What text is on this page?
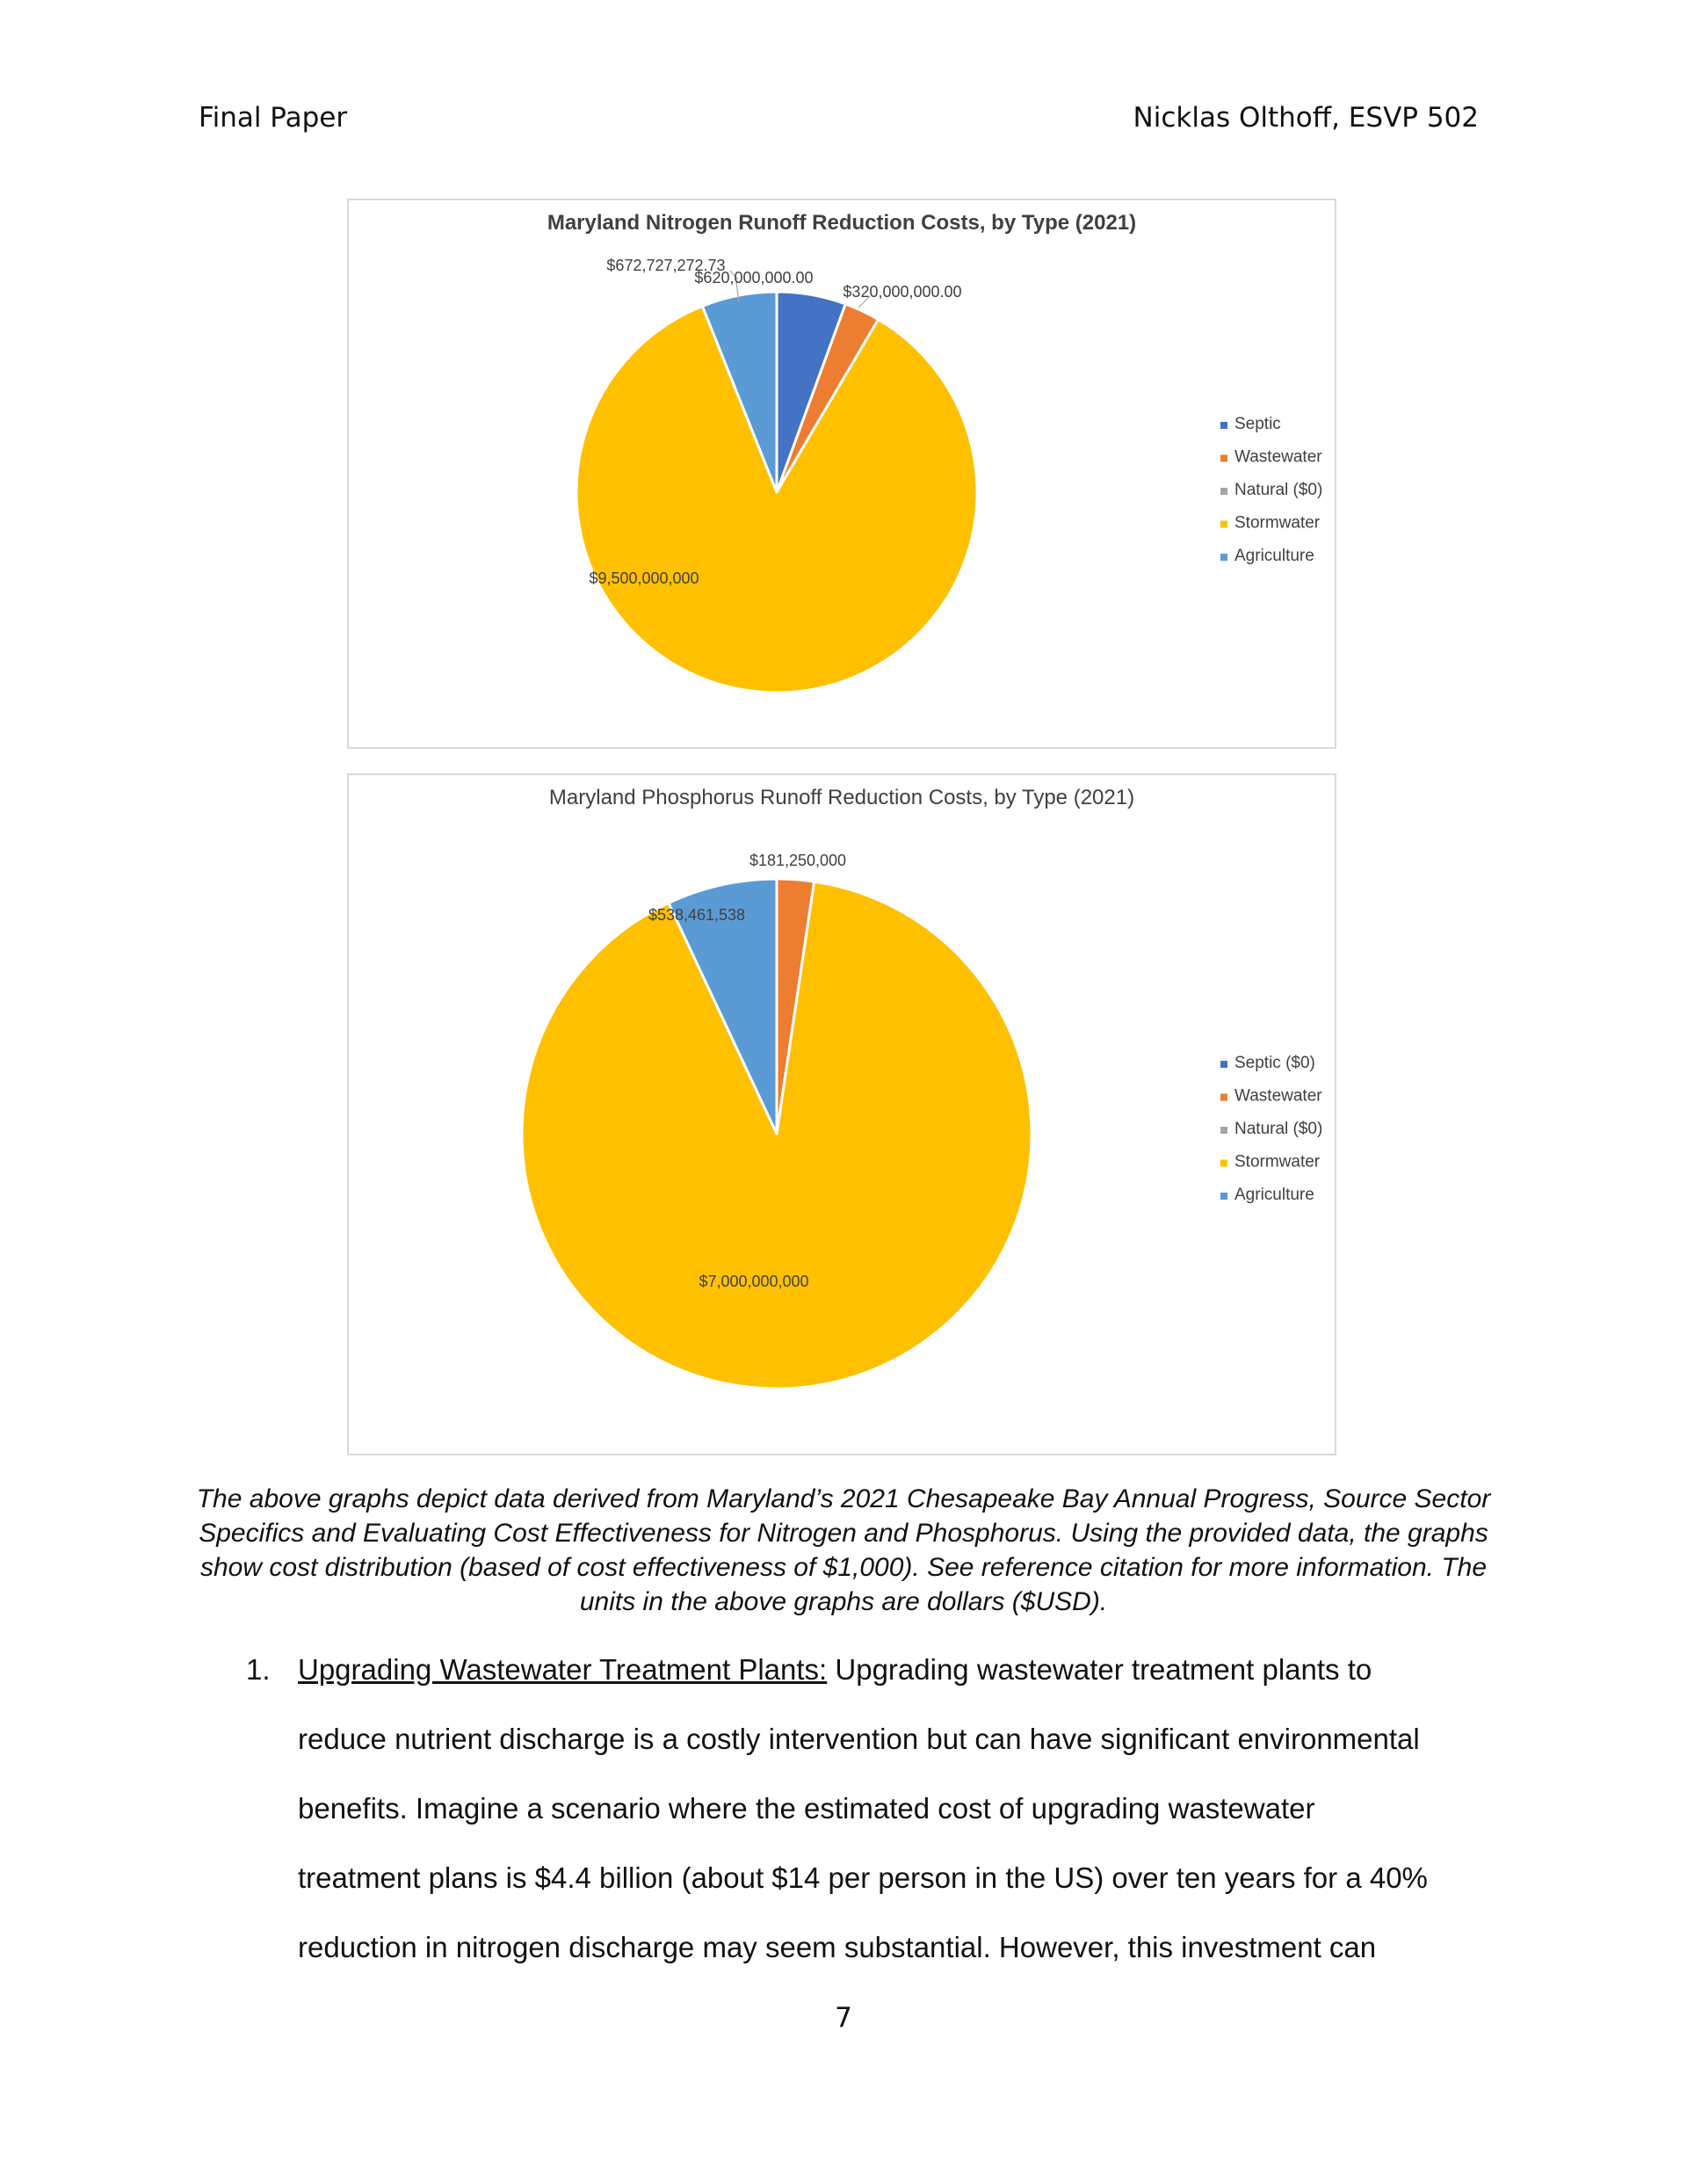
Final Paper	Nicklas Olthoff, ESVP 502
Maryland Nitrogen Runoff Reduction Costs, by Type (2021)
$672,727,272.73
$620,000,000.00
$320,000,000.00
$9,500,000,000
Septic
Wastewater
Natural ($0)
Stormwater
Agriculture
Maryland Phosphorus Runoff Reduction Costs, by Type (2021)
$181,250,000
$538,461,538
$7,000,000,000
Septic ($0)
Wastewater
Natural ($0)
Stormwater
Agriculture
The above graphs depict data derived from Maryland’s 2021 Chesapeake Bay Annual Progress, Source Sector Specifics and Evaluating Cost Effectiveness for Nitrogen and Phosphorus. Using the provided data, the graphs show cost distribution (based of cost effectiveness of $1,000). See reference citation for more information. The units in the above graphs are dollars ($USD).
1. Upgrading Wastewater Treatment Plants: Upgrading wastewater treatment plants to
reduce nutrient discharge is a costly intervention but can have significant environmental
benefits. Imagine a scenario where the estimated cost of upgrading wastewater
treatment plans is $4.4 billion (about $14 per person in the US) over ten years for a 40%
reduction in nitrogen discharge may seem substantial. However, this investment can
7
